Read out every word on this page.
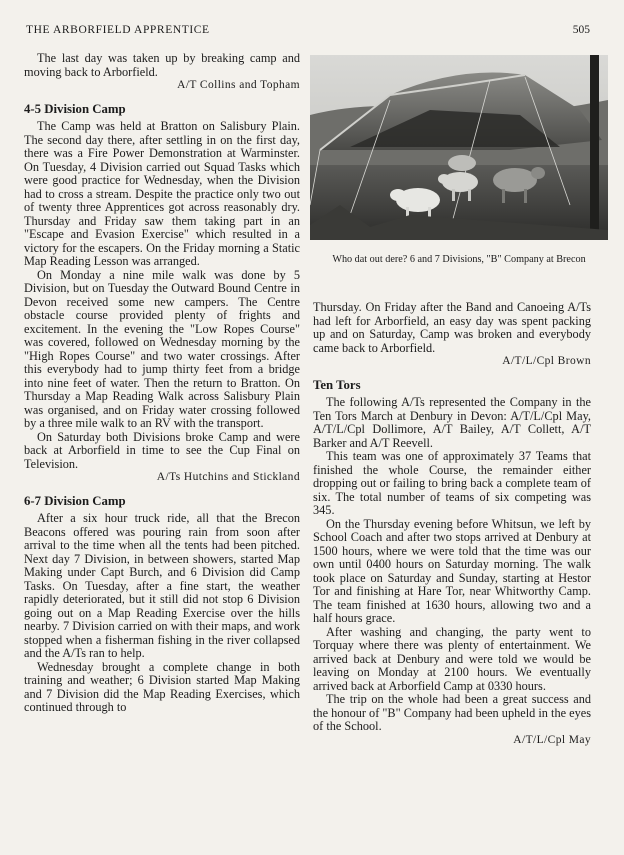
THE ARBORFIELD APPRENTICE	505

The last day was taken up by breaking camp and moving back to Arborfield.

A/T Collins and Topham

4-5 Division Camp

The Camp was held at Bratton on Salisbury Plain. The second day there, after settling in on the first day, there was a Fire Power Demonstration at Warminster. On Tuesday, 4 Division carried out Squad Tasks which were good practice for Wednesday, when the Division had to cross a stream. Despite the practice only two out of twenty three Apprentices got across reasonably dry. Thursday and Friday saw them taking part in an "Escape and Evasion Exercise" which resulted in a victory for the escapers. On the Friday morning a Static Map Reading Lesson was arranged.

On Monday a nine mile walk was done by 5 Division, but on Tuesday the Outward Bound Centre in Devon received some new campers. The Centre obstacle course provided plenty of frights and excitement. In the evening the "Low Ropes Course" was covered, followed on Wednesday morning by the "High Ropes Course" and two water crossings. After this everybody had to jump thirty feet from a bridge into nine feet of water. Then the return to Bratton. On Thursday a Map Reading Walk across Salisbury Plain was organised, and on Friday water crossing followed by a three mile walk to an RV with the transport.

On Saturday both Divisions broke Camp and were back at Arborfield in time to see the Cup Final on Television.

A/Ts Hutchins and Stickland

6-7 Division Camp

After a six hour truck ride, all that the Brecon Beacons offered was pouring rain from soon after arrival to the time when all the tents had been pitched. Next day 7 Division, in between showers, started Map Making under Capt Burch, and 6 Division did Camp Tasks. On Tuesday, after a fine start, the weather rapidly deteriorated, but it still did not stop 6 Division going out on a Map Reading Exercise over the hills nearby. 7 Division carried on with their maps, and work stopped when a fisherman fishing in the river collapsed and the A/Ts ran to help.

Wednesday brought a complete change in both training and weather; 6 Division started Map Making and 7 Division did the Map Reading Exercises, which continued through to

Who dat out dere? 6 and 7 Divisions, "B" Company at Brecon

Thursday. On Friday after the Band and Canoeing A/Ts had left for Arborfield, an easy day was spent packing up and on Saturday, Camp was broken and everybody came back to Arborfield.

A/T/L/Cpl Brown

Ten Tors

The following A/Ts represented the Company in the Ten Tors March at Denbury in Devon: A/T/L/Cpl May, A/T/L/Cpl Dollimore, A/T Bailey, A/T Collett, A/T Barker and A/T Reevell.

This team was one of approximately 37 Teams that finished the whole Course, the remainder either dropping out or failing to bring back a complete team of six. The total number of teams of six competing was 345.

On the Thursday evening before Whitsun, we left by School Coach and after two stops arrived at Denbury at 1500 hours, where we were told that the time was our own until 0400 hours on Saturday morning. The walk took place on Saturday and Sunday, starting at Hestor Tor and finishing at Hare Tor, near Whitworthy Camp. The team finished at 1630 hours, allowing two and a half hours grace.

After washing and changing, the party went to Torquay where there was plenty of entertainment. We arrived back at Denbury and were told we would be leaving on Monday at 2100 hours. We eventually arrived back at Arborfield Camp at 0330 hours.

The trip on the whole had been a great success and the honour of "B" Company had been upheld in the eyes of the School.

A/T/L/Cpl May
